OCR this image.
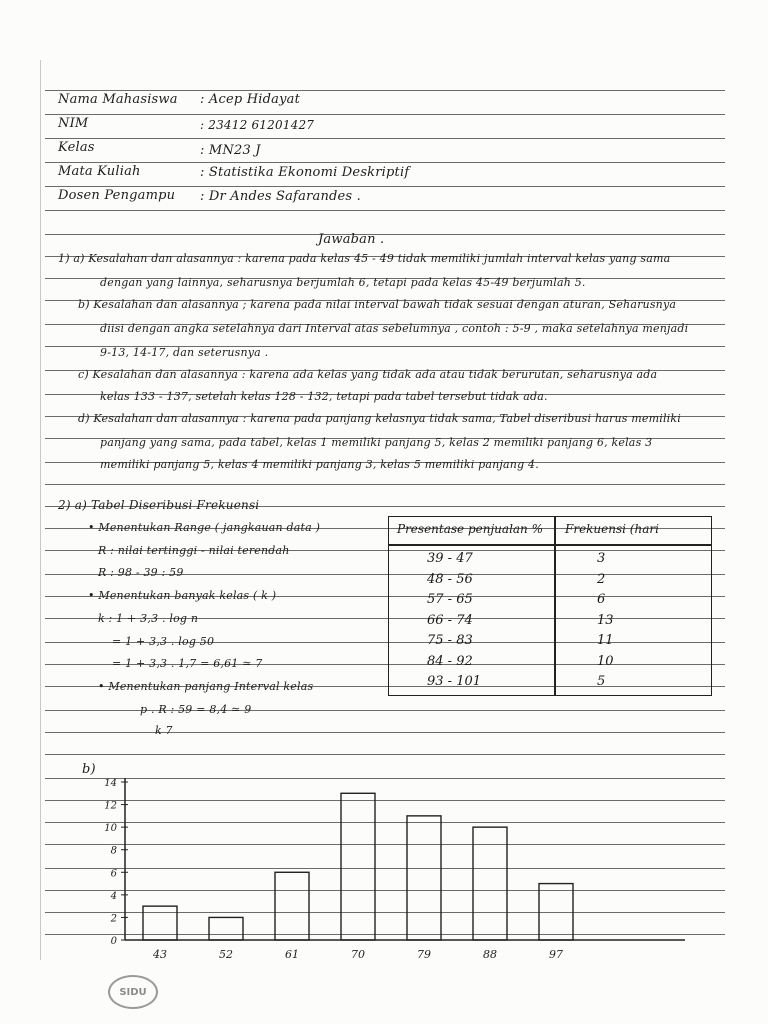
Nama Mahasiswa : Acep Hidayat
NIM	: 2341⁢2 61201427
Kelas	: MN23 J
Mata Kuliah	: Statistika Ekonomi Deskriptif
Dosen Pengampu : Dr Andes Safarandes .
Jawaban .
1) a) Kesalahan dan alasannya : karena pada kelas 45 - 49 tidak memiliki jumlah interval kelas yang sama
dengan yang lainnya, seharusnya berjumlah 6, tetapi pada kelas 45-49 berjumlah 5.
b) Kesalahan dan alasannya ; karena pada nilai interval bawah tidak sesuai dengan aturan, Seharusnya
diisi dengan angka setelahnya dari Interval atas sebelumnya , contoh : 5-9 , maka setelahnya menjadi
9-13, 14-17, dan seterusnya .
c) Kesalahan dan alasannya : karena ada kelas yang tidak ada atau tidak berurutan, seharusnya ada
kelas 133 - 137, setelah kelas 128 - 132, tetapi pada tabel tersebut tidak ada.
d) Kesalahan dan alasannya : karena pada panjang kelasnya tidak sama, Tabel diseribusi harus memiliki
panjang yang sama, pada tabel, kelas 1 memiliki panjang 5, kelas 2 memiliki panjang 6, kelas 3
memiliki panjang 5, kelas 4 memiliki panjang 3, kelas 5 memiliki panjang 4.
2) a) Tabel Diseribusi Frekuensi
• Menentukan Range ( jangkauan data )
R : nilai tertinggi - nilai terendah
R : 98 - 39 : 59
• Menentukan banyak kelas ( k )
k : 1 + 3,3 . log n
= 1 + 3,3 . log 50
= 1 + 3,3 . 1,7 = 6,61 ≃ 7
• Menentukan panjang Interval kelas
p . R : 59 = 8,4 ≃ 9
k 7
Presentase penjualan % Frekuensi (hari
39 - 47	3
48 - 56	2
57 - 65	6
66 - 74	13
75 - 83	11
84 - 92	10
93 - 101	5
b)
0
2
4
6
8
10
12
14
43	52	61	70	79	88	97
SIDU
